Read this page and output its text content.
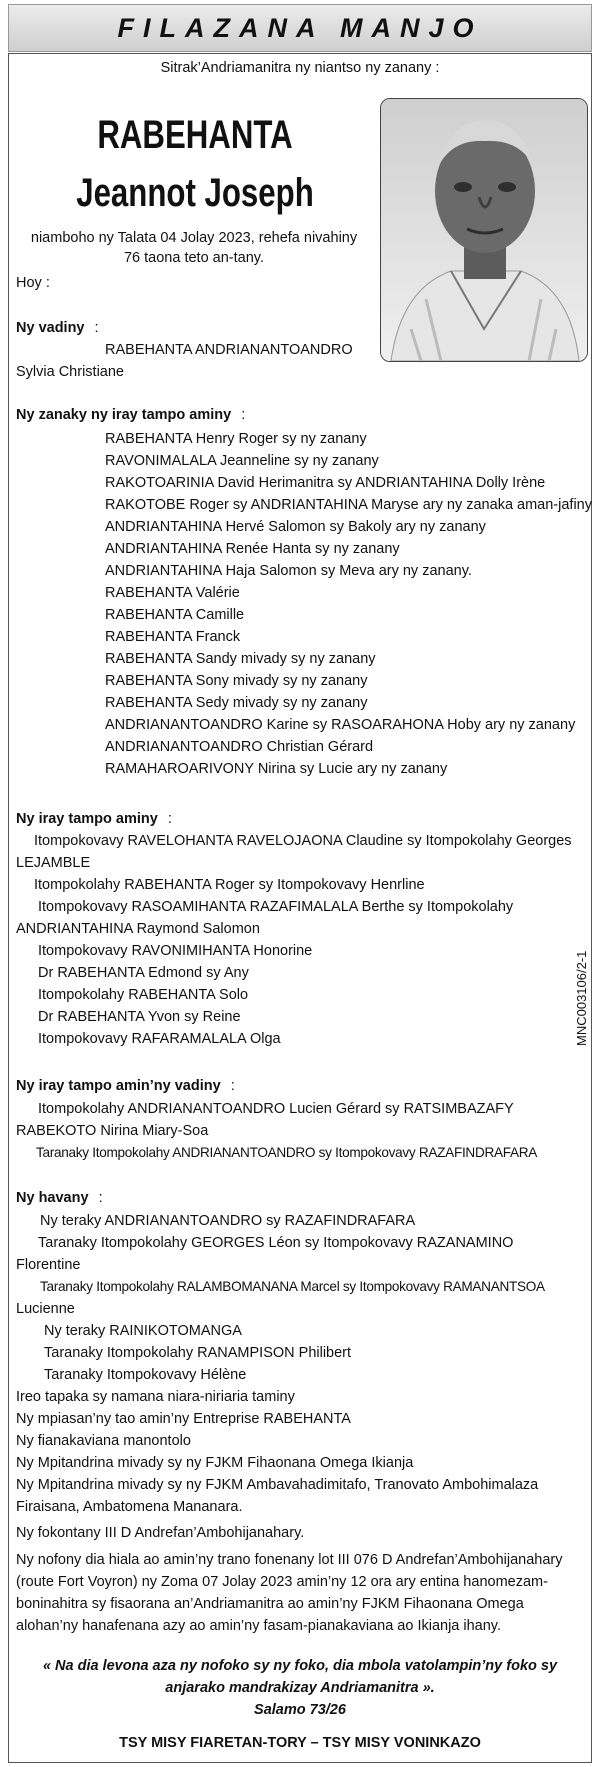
FILAZANA MANJO
Sitrak’Andriamanitra ny niantso ny zanany :
RABEHANTA
Jeannot Joseph
niamboho ny Talata 04 Jolay 2023, rehefa nivahiny
76 taona teto an-tany.
Hoy :
Ny vadiny :
RABEHANTA ANDRIANANTOANDRO
Sylvia Christiane
Ny zanaky ny iray tampo aminy :
RABEHANTA Henry Roger sy ny zanany
RAVONIMALALA Jeanneline sy ny zanany
RAKOTOARINIA David Herimanitra sy ANDRIANTAHINA Dolly Irène
RAKOTOBE Roger sy ANDRIANTAHINA Maryse ary ny zanaka aman-jafiny
ANDRIANTAHINA Hervé Salomon sy Bakoly ary ny zanany
ANDRIANTAHINA Renée Hanta sy ny zanany
ANDRIANTAHINA Haja Salomon sy Meva ary ny zanany.
RABEHANTA Valérie
RABEHANTA Camille
RABEHANTA Franck
RABEHANTA Sandy mivady sy ny zanany
RABEHANTA Sony mivady sy ny zanany
RABEHANTA Sedy mivady sy ny zanany
ANDRIANANTOANDRO Karine sy RASOARAHONA Hoby ary ny zanany
ANDRIANANTOANDRO Christian Gérard
RAMAHAROARIVONY Nirina sy Lucie ary ny zanany
Ny iray tampo aminy :
Itompokovavy RAVELOHANTA RAVELOJAONA Claudine sy Itompokolahy Georges
LEJAMBLE
Itompokolahy RABEHANTA Roger sy Itompokovavy Henrline
Itompokovavy RASOAMIHANTA RAZAFIMALALA Berthe sy Itompokolahy
ANDRIANTAHINA Raymond Salomon
Itompokovavy RAVONIMIHANTA Honorine
Dr RABEHANTA Edmond sy Any
Itompokolahy RABEHANTA Solo
Dr RABEHANTA Yvon sy Reine
Itompokovavy RAFARAMALALA Olga
Ny iray tampo amin’ny vadiny :
Itompokolahy ANDRIANANTOANDRO Lucien Gérard sy RATSIMBAZAFY
RABEKOTO Nirina Miary-Soa
Taranaky Itompokolahy ANDRIANANTOANDRO sy Itompokovavy RAZAFINDRAFARA
Ny havany :
Ny teraky ANDRIANANTOANDRO sy RAZAFINDRAFARA
Taranaky Itompokolahy GEORGES Léon sy Itompokovavy RAZANAMINO
Florentine
Taranaky Itompokolahy RALAMBOMANANA Marcel sy Itompokovavy RAMANANTSOA
Lucienne
Ny teraky RAINIKOTOMANGA
Taranaky Itompokolahy RANAMPISON Philibert
Taranaky Itompokovavy Hélène
Ireo tapaka sy namana niara-niriaria taminy
Ny mpiasan’ny tao amin’ny Entreprise RABEHANTA
Ny fianakaviana manontolo
Ny Mpitandrina mivady sy ny FJKM Fihaonana Omega Ikianja
Ny Mpitandrina mivady sy ny FJKM Ambavahadimitafo, Tranovato Ambohimalaza
Firaisana, Ambatomena Mananara.
Ny fokontany III D Andrefan’Ambohijanahary.
Ny nofony dia hiala ao amin’ny trano fonenany lot III 076 D Andrefan’Ambohijanahary
(route Fort Voyron) ny Zoma 07 Jolay 2023 amin’ny 12 ora ary entina hanomezam-
boninahitra sy fisaorana an’Andriamanitra ao amin’ny FJKM Fihaonana Omega
alohan’ny hanafenana azy ao amin’ny fasam-pianakaviana ao Ikianja ihany.
« Na dia levona aza ny nofoko sy ny foko, dia mbola vatolampin’ny foko sy
anjarako mandrakizay Andriamanitra ».
Salamo 73/26
TSY MISY FIARETAN-TORY – TSY MISY VONINKAZO
MNC003106/2-1
